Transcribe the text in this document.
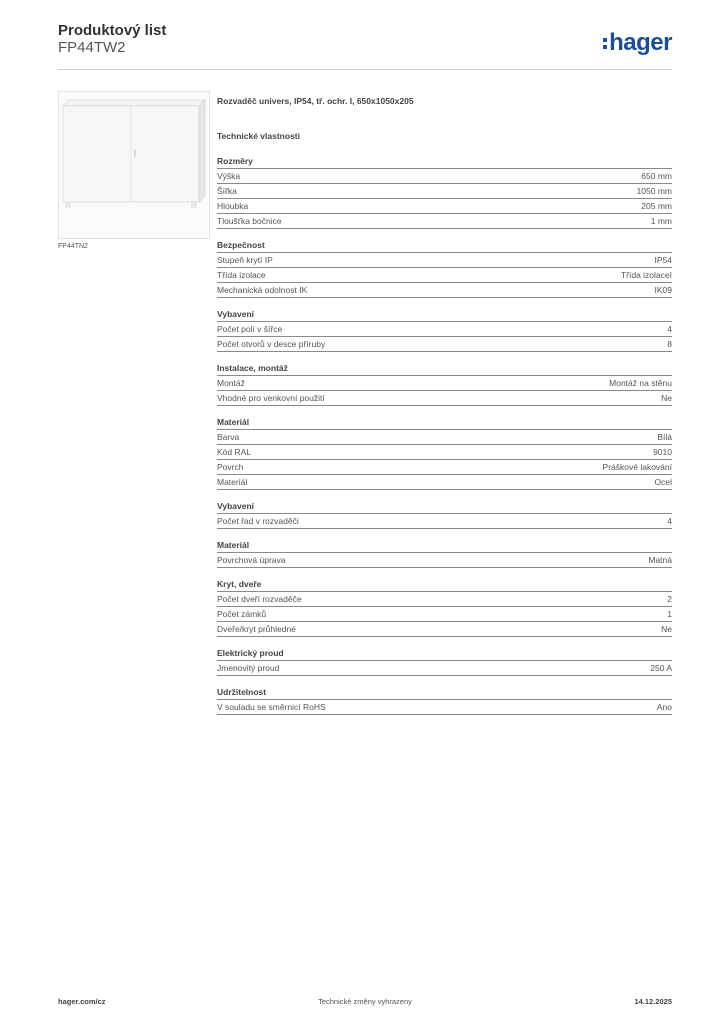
Produktový list
FP44TW2	hager
FP44TN2
Rozvaděč univers, IP54, tř. ochr. I, 650x1050x205
Technické vlastnosti
Rozměry
Výška	650 mm
Šířka	1050 mm
Hloubka	205 mm
Tloušťka bočnice	1 mm
Bezpečnost
Stupeň krytí IP	IP54
Třída izolace	Třída izolaceI
Mechanická odolnost IK	IK09
Vybavení
Počet polí v šířce	4
Počet otvorů v desce příruby	8
Instalace, montáž
Montáž	Montáž na stěnu
Vhodné pro venkovní použití	Ne
Materiál
Barva	Bílá
Kód RAL	9010
Povrch	Práškové lakování
Materiál	Ocel
Vybavení
Počet řad v rozvaděči	4
Materiál
Povrchová úprava	Matná
Kryt, dveře
Počet dveří rozvaděče	2
Počet zámků	1
Dveře/kryt průhledné	Ne
Elektrický proud
Jmenovitý proud	250 A
Udržitelnost
V souladu se směrnicí RoHS	Ano
hager.com/cz	Technické změny vyhrazeny	14.12.2025
